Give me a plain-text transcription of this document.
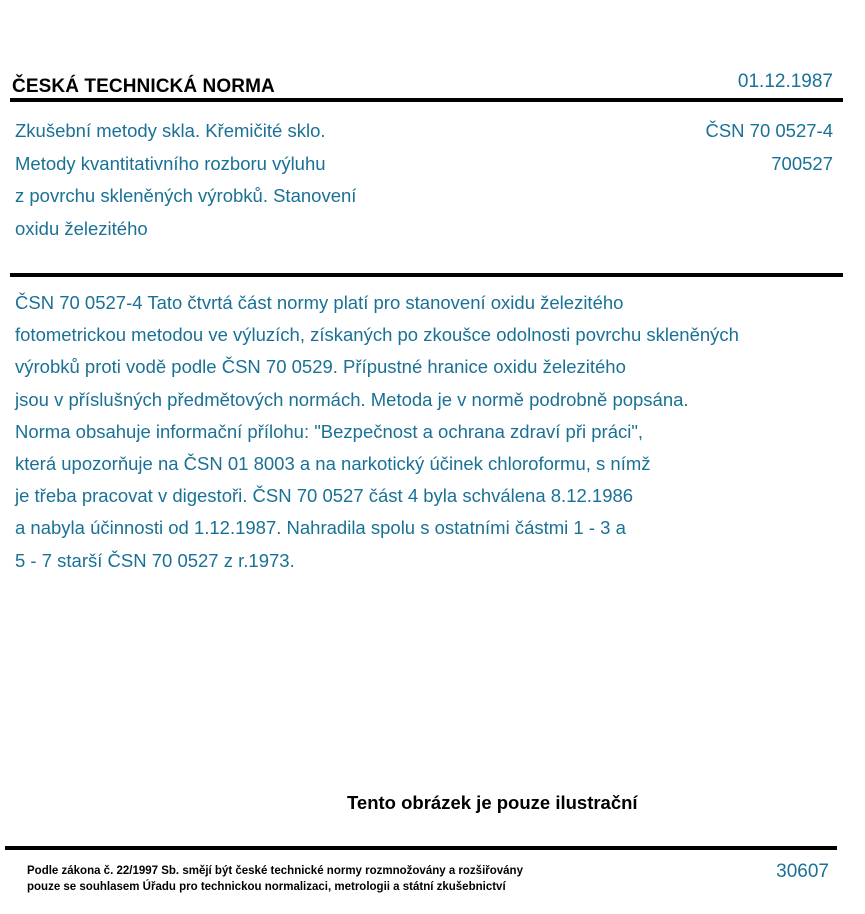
ČESKÁ TECHNICKÁ NORMA	01.12.1987
Zkušební metody skla. Křemičité sklo.
Metody kvantitativního rozboru výluhu
z povrchu skleněných výrobků. Stanovení
oxidu železitého
ČSN 70 0527-4
700527
ČSN 70 0527-4 Tato čtvrtá část normy platí pro stanovení oxidu železitého
fotometrickou metodou ve výluzích, získaných po zkoušce odolnosti povrchu skleněných
výrobků proti vodě podle ČSN 70 0529. Přípustné hranice oxidu železitého
jsou v příslušných předmětových normách. Metoda je v normě podrobně popsána.
Norma obsahuje informační přílohu: "Bezpečnost a ochrana zdraví při práci",
která upozorňuje na ČSN 01 8003 a na narkotický účinek chloroformu, s nímž
je třeba pracovat v digestoři. ČSN 70 0527 část 4 byla schválena 8.12.1986
a nabyla účinnosti od 1.12.1987. Nahradila spolu s ostatními částmi 1 - 3 a
5 - 7 starší ČSN 70 0527 z r.1973.
Tento obrázek je pouze ilustrační
Podle zákona č. 22/1997 Sb. smějí být české technické normy rozmnožovány a rozšiřovány
pouze se souhlasem Úřadu pro technickou normalizaci, metrologii a státní zkušebnictví
30607
